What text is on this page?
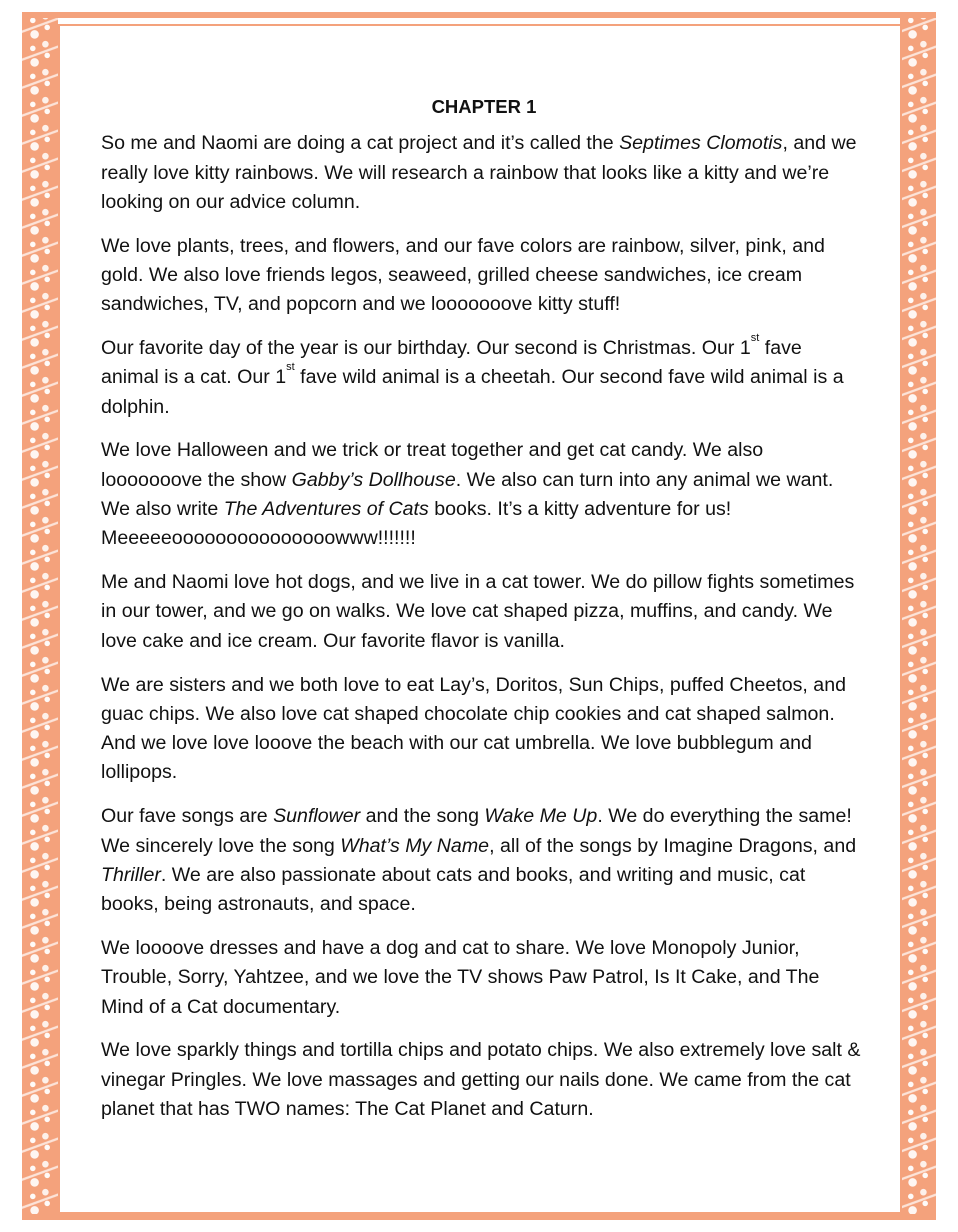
CHAPTER 1

So me and Naomi are doing a cat project and it’s called the Septimes Clomotis, and we really love kitty rainbows. We will research a rainbow that looks like a kitty and we’re looking on our advice column.

We love plants, trees, and flowers, and our fave colors are rainbow, silver, pink, and gold. We also love friends legos, seaweed, grilled cheese sandwiches, ice cream sandwiches, TV, and popcorn and we looooooove kitty stuff!

Our favorite day of the year is our birthday. Our second is Christmas. Our 1st fave animal is a cat. Our 1st fave wild animal is a cheetah. Our second fave wild animal is a dolphin.

We love Halloween and we trick or treat together and get cat candy. We also looooooove the show Gabby’s Dollhouse. We also can turn into any animal we want. We also write The Adventures of Cats books. It’s a kitty adventure for us! Meeeeeooooooooooooooowww!!!!!!!

Me and Naomi love hot dogs, and we live in a cat tower. We do pillow fights sometimes in our tower, and we go on walks. We love cat shaped pizza, muffins, and candy. We love cake and ice cream. Our favorite flavor is vanilla.

We are sisters and we both love to eat Lay’s, Doritos, Sun Chips, puffed Cheetos, and guac chips. We also love cat shaped chocolate chip cookies and cat shaped salmon. And we love love looove the beach with our cat umbrella. We love bubblegum and lollipops.

Our fave songs are Sunflower and the song Wake Me Up. We do everything the same! We sincerely love the song What’s My Name, all of the songs by Imagine Dragons, and Thriller. We are also passionate about cats and books, and writing and music, cat books, being astronauts, and space.

We loooove dresses and have a dog and cat to share. We love Monopoly Junior, Trouble, Sorry, Yahtzee, and we love the TV shows Paw Patrol, Is It Cake, and The Mind of a Cat documentary.

We love sparkly things and tortilla chips and potato chips. We also extremely love salt & vinegar Pringles. We love massages and getting our nails done. We came from the cat planet that has TWO names: The Cat Planet and Caturn.
